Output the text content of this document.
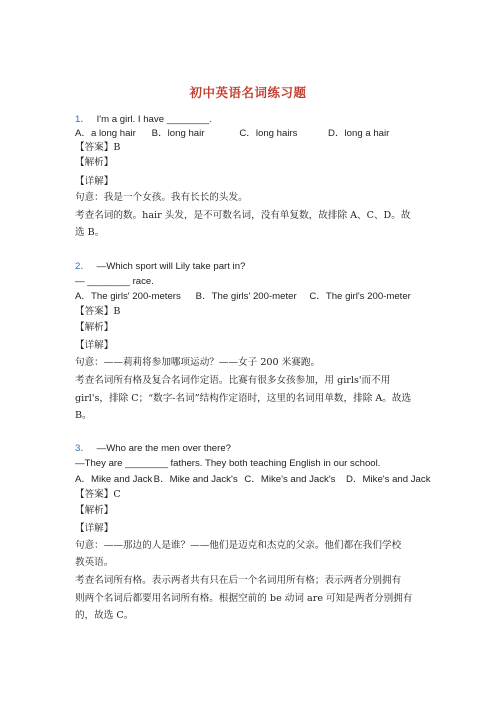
初中英语名词练习题
1． I'm a girl. I have ________.
A．a long hair B．long hair	C．long hairs	D．long a hair
【答案】B
【解析】
【详解】
句意：我是一个女孩。我有长长的头发。
考查名词的数。hair 头发，是不可数名词，没有单复数，故排除 A、C、D。故
选 B。
2． —Which sport will Lily take part in?
— ________ race.
A．The girls' 200-meters B．The girls' 200-meter C．The girl's 200-meter
【答案】B
【解析】
【详解】
句意：——莉莉将参加哪项运动？——女子 200 米赛跑。
考查名词所有格及复合名词作定语。比赛有很多女孩参加，用 girls'而不用
girl's，排除 C；“数字-名词”结构作定语时，这里的名词用单数，排除 A。故选
B。
3． —Who are the men over there?
—They are ________ fathers. They both teaching English in our school.
A．Mike and Jack B．Mike and Jack's C．Mike's and Jack's D．Mike's and Jack
【答案】C
【解析】
【详解】
句意：——那边的人是谁？——他们是迈克和杰克的父亲。他们都在我们学校
教英语。
考查名词所有格。表示两者共有只在后一个名词用所有格；表示两者分别拥有
则两个名词后都要用名词所有格。根据空前的 be 动词 are 可知是两者分别拥有
的，故选 C。
